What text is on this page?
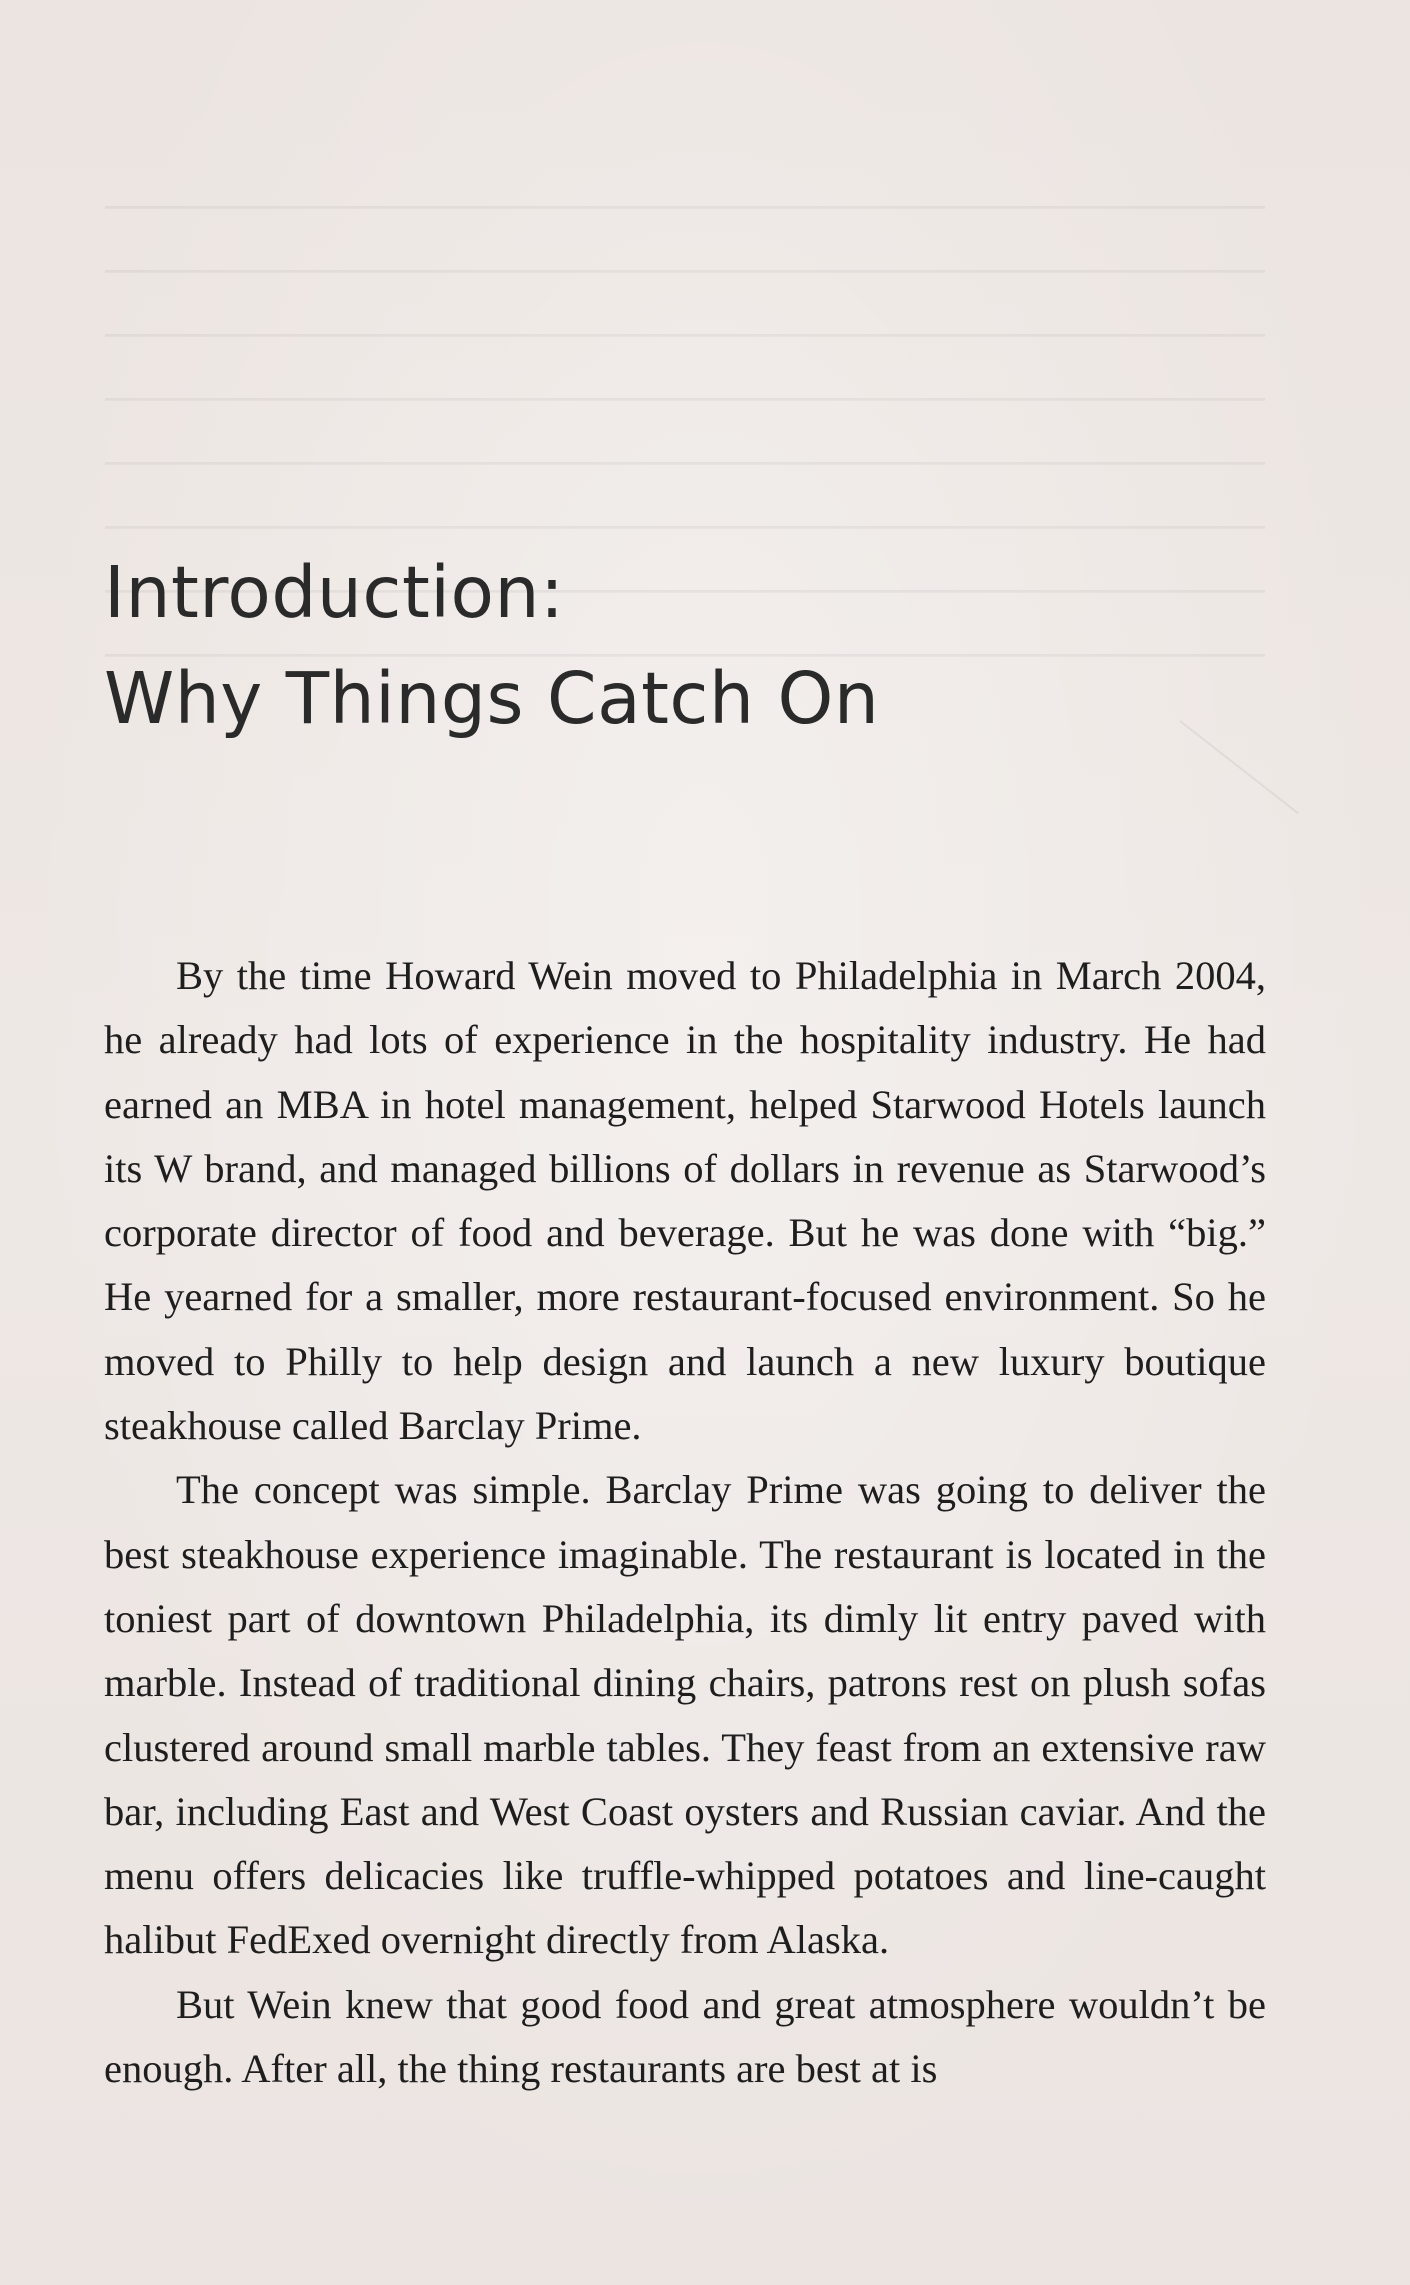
Introduction:
Why Things Catch On

By the time Howard Wein moved to Philadelphia in March 2004, he already had lots of experience in the hospitality industry. He had earned an MBA in hotel management, helped Starwood Hotels launch its W brand, and managed billions of dollars in revenue as Starwood’s corporate director of food and beverage. But he was done with “big.” He yearned for a smaller, more restaurant-focused environment. So he moved to Philly to help design and launch a new luxury boutique steakhouse called Barclay Prime.

The concept was simple. Barclay Prime was going to deliver the best steakhouse experience imaginable. The restaurant is located in the toniest part of downtown Philadelphia, its dimly lit entry paved with marble. Instead of traditional dining chairs, patrons rest on plush sofas clustered around small marble tables. They feast from an extensive raw bar, including East and West Coast oysters and Russian caviar. And the menu offers delicacies like truffle-whipped potatoes and line-caught halibut FedExed overnight directly from Alaska.

But Wein knew that good food and great atmosphere wouldn’t be enough. After all, the thing restaurants are best at is
